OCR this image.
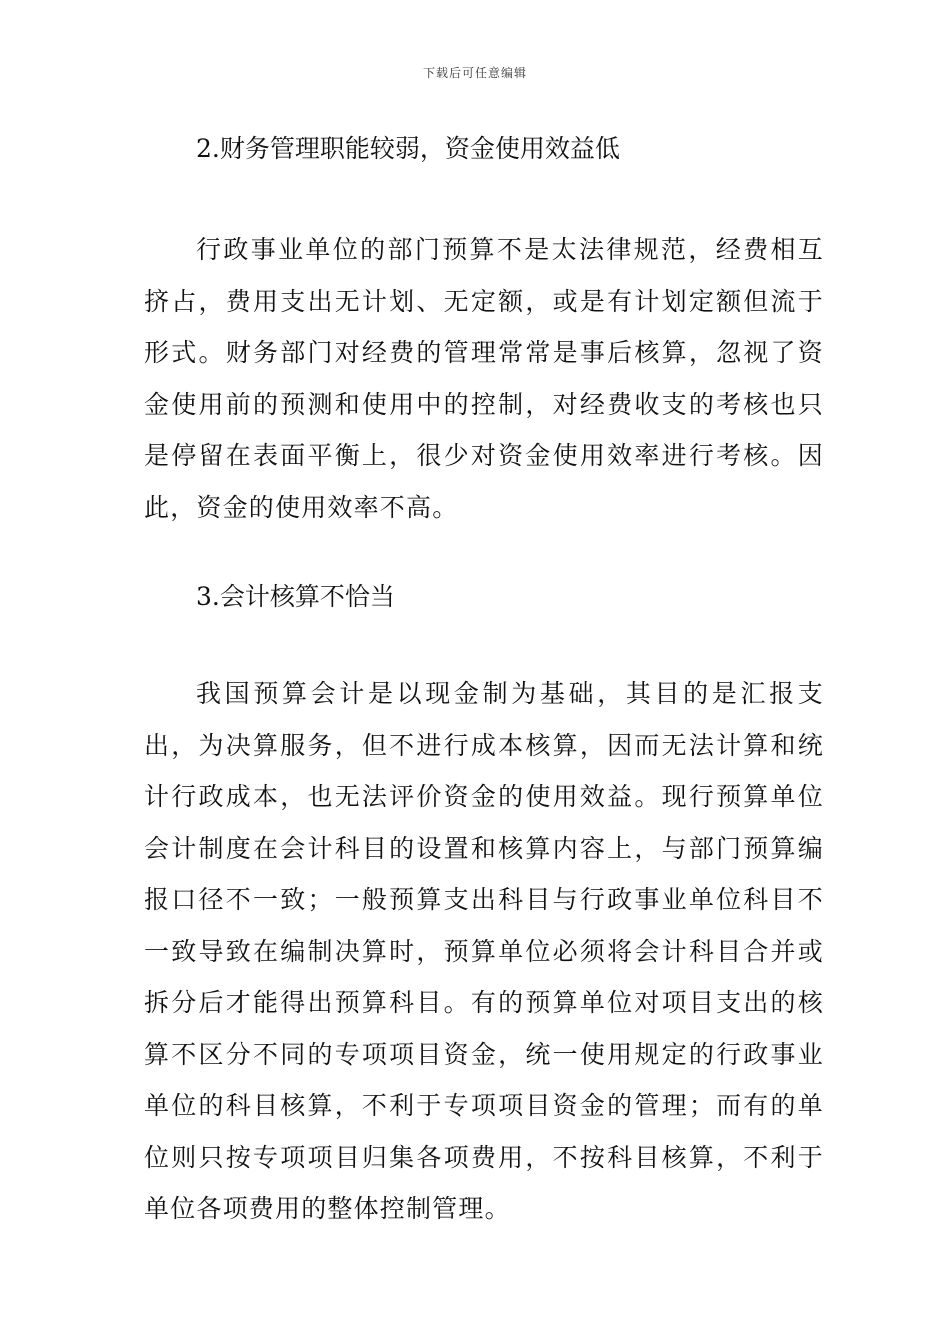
下载后可任意编辑
2.财务管理职能较弱，资金使用效益低

行政事业单位的部门预算不是太法律规范，经费相互挤占，费用支出无计划、无定额，或是有计划定额但流于形式。财务部门对经费的管理常常是事后核算，忽视了资金使用前的预测和使用中的控制，对经费收支的考核也只是停留在表面平衡上，很少对资金使用效率进行考核。因此，资金的使用效率不高。

3.会计核算不恰当

我国预算会计是以现金制为基础，其目的是汇报支出，为决算服务，但不进行成本核算，因而无法计算和统计行政成本，也无法评价资金的使用效益。现行预算单位会计制度在会计科目的设置和核算内容上，与部门预算编报口径不一致；一般预算支出科目与行政事业单位科目不一致导致在编制决算时，预算单位必须将会计科目合并或拆分后才能得出预算科目。有的预算单位对项目支出的核算不区分不同的专项项目资金，统一使用规定的行政事业单位的科目核算，不利于专项项目资金的管理；而有的单位则只按专项项目归集各项费用，不按科目核算，不利于单位各项费用的整体控制管理。
